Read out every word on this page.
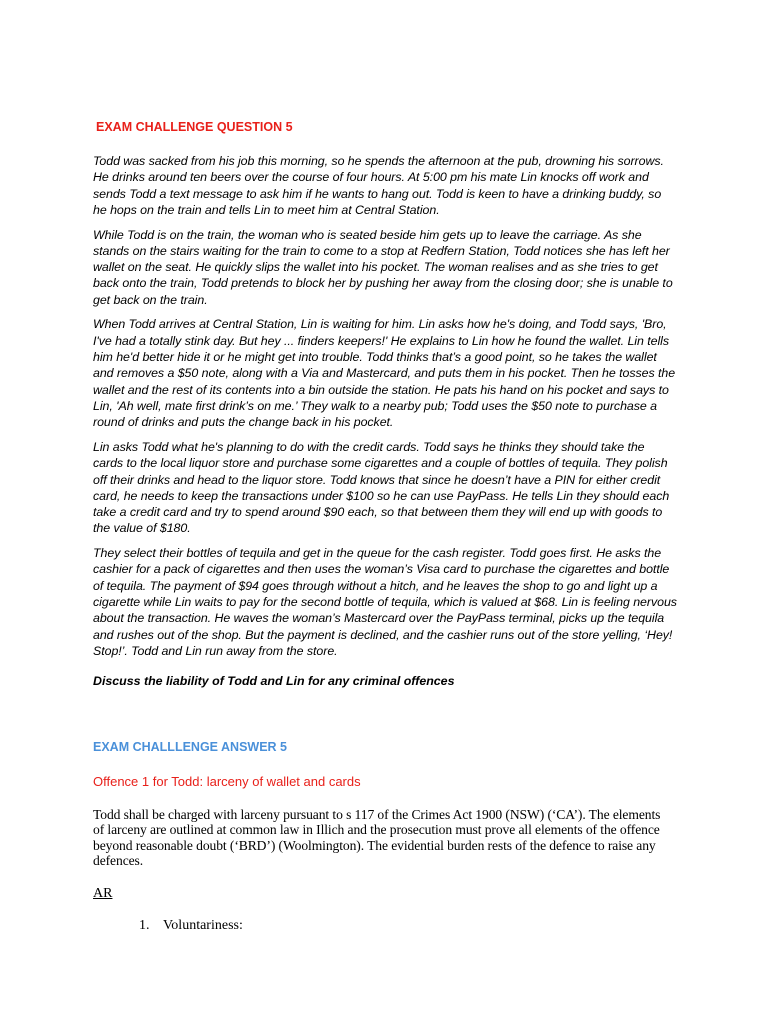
EXAM CHALLENGE QUESTION 5

Todd was sacked from his job this morning, so he spends the afternoon at the pub, drowning his sorrows. He drinks around ten beers over the course of four hours. At 5:00 pm his mate Lin knocks off work and sends Todd a text message to ask him if he wants to hang out. Todd is keen to have a drinking buddy, so he hops on the train and tells Lin to meet him at Central Station.

While Todd is on the train, the woman who is seated beside him gets up to leave the carriage. As she stands on the stairs waiting for the train to come to a stop at Redfern Station, Todd notices she has left her wallet on the seat. He quickly slips the wallet into his pocket. The woman realises and as she tries to get back onto the train, Todd pretends to block her by pushing her away from the closing door; she is unable to get back on the train.

When Todd arrives at Central Station, Lin is waiting for him. Lin asks how he's doing, and Todd says, 'Bro, I've had a totally stink day. But hey ... finders keepers!' He explains to Lin how he found the wallet. Lin tells him he'd better hide it or he might get into trouble. Todd thinks that’s a good point, so he takes the wallet and removes a $50 note, along with a Via and Mastercard, and puts them in his pocket. Then he tosses the wallet and the rest of its contents into a bin outside the station. He pats his hand on his pocket and says to Lin, 'Ah well, mate first drink’s on me.’ They walk to a nearby pub; Todd uses the $50 note to purchase a round of drinks and puts the change back in his pocket.

Lin asks Todd what he's planning to do with the credit cards. Todd says he thinks they should take the cards to the local liquor store and purchase some cigarettes and a couple of bottles of tequila. They polish off their drinks and head to the liquor store. Todd knows that since he doesn’t have a PIN for either credit card, he needs to keep the transactions under $100 so he can use PayPass. He tells Lin they should each take a credit card and try to spend around $90 each, so that between them they will end up with goods to the value of $180.

They select their bottles of tequila and get in the queue for the cash register. Todd goes first. He asks the cashier for a pack of cigarettes and then uses the woman’s Visa card to purchase the cigarettes and bottle of tequila. The payment of $94 goes through without a hitch, and he leaves the shop to go and light up a cigarette while Lin waits to pay for the second bottle of tequila, which is valued at $68. Lin is feeling nervous about the transaction. He waves the woman’s Mastercard over the PayPass terminal, picks up the tequila and rushes out of the shop. But the payment is declined, and the cashier runs out of the store yelling, ‘Hey! Stop!’. Todd and Lin run away from the store.

Discuss the liability of Todd and Lin for any criminal offences

EXAM CHALLLENGE ANSWER 5

Offence 1 for Todd: larceny of wallet and cards

Todd shall be charged with larceny pursuant to s 117 of the Crimes Act 1900 (NSW) (‘CA’). The elements of larceny are outlined at common law in Illich and the prosecution must prove all elements of the offence beyond reasonable doubt (‘BRD’) (Woolmington). The evidential burden rests of the defence to raise any defences.

AR

1. Voluntariness:
